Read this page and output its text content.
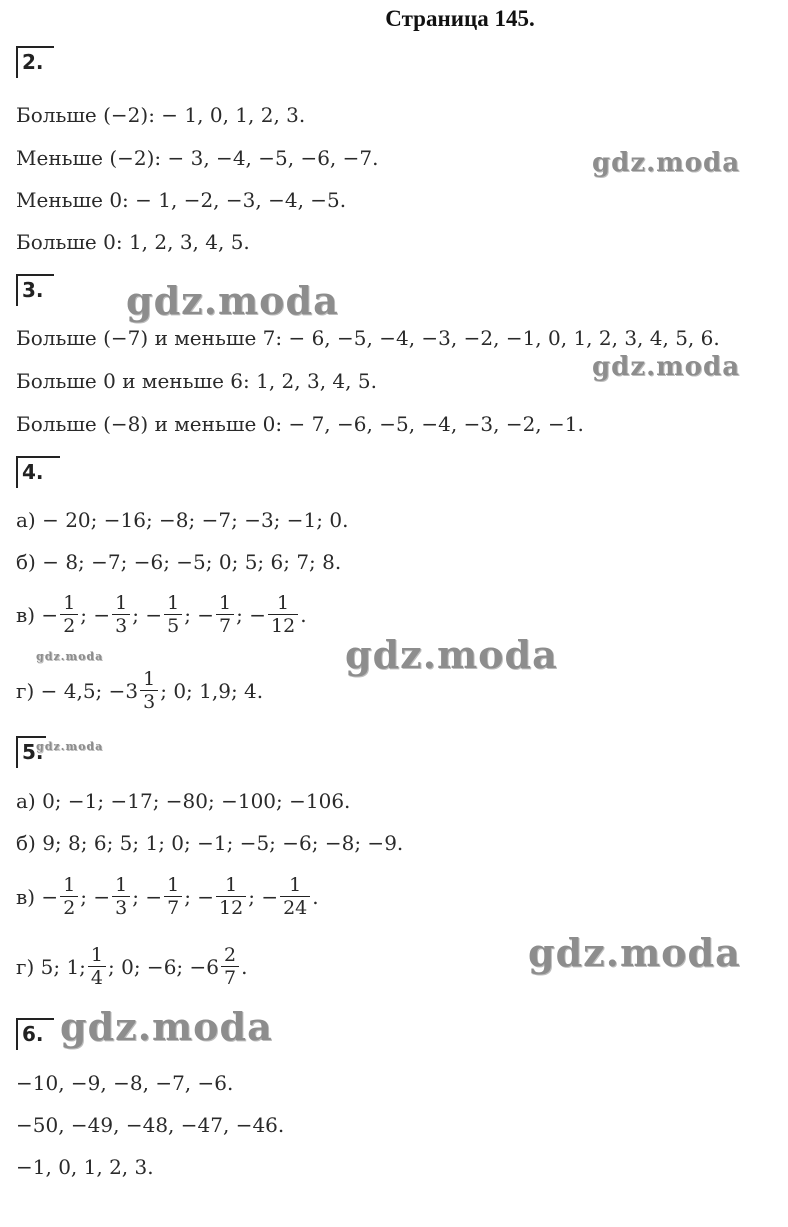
Страница 145.
2.
Больше (−2): − 1, 0, 1, 2, 3.
Меньше (−2): − 3, −4, −5, −6, −7.
Меньше 0: − 1, −2, −3, −4, −5.
Больше 0: 1, 2, 3, 4, 5.
3.
Больше (−7) и меньше 7: − 6, −5, −4, −3, −2, −1, 0, 1, 2, 3, 4, 5, 6.
Больше 0 и меньше 6: 1, 2, 3, 4, 5.
Больше (−8) и меньше 0: − 7, −6, −5, −4, −3, −2, −1.
4.
а) − 20; −16; −8; −7; −3; −1; 0.
б) − 8; −7; −6; −5; 0; 5; 6; 7; 8.
$в) - \frac{1}{2}$ ; − $\frac{1}{3}$ ; − $\frac{1}{5}$ ; − $\frac{1}{7}$ ; − $\frac{1}{12}$ .
г) − 4,5; $-3 \frac{1}{3}$ ; 0; 1,9; 4.
5.
а) 0; −1; −17; −80; −100; −106.
б) 9; 8; 6; 5; 1; 0; −1; −5; −6; −8; −9.
$в) - \frac{1}{2}$ ; − $\frac{1}{3}$ ; − $\frac{1}{7}$ ; − $\frac{1}{12}$ ; − $\frac{1}{24}$ .
г) 5; 1; $\frac{1}{4}$ ; 0; −6; $-6 \frac{2}{7}$ .
6.
−10, −9, −8, −7, −6.
−50, −49, −48, −47, −46.
−1, 0, 1, 2, 3.
gdz.moda
gdz.moda
gdz.moda
gdz.moda
gdz.moda
gdz.moda
gdz.moda
gdz.moda
